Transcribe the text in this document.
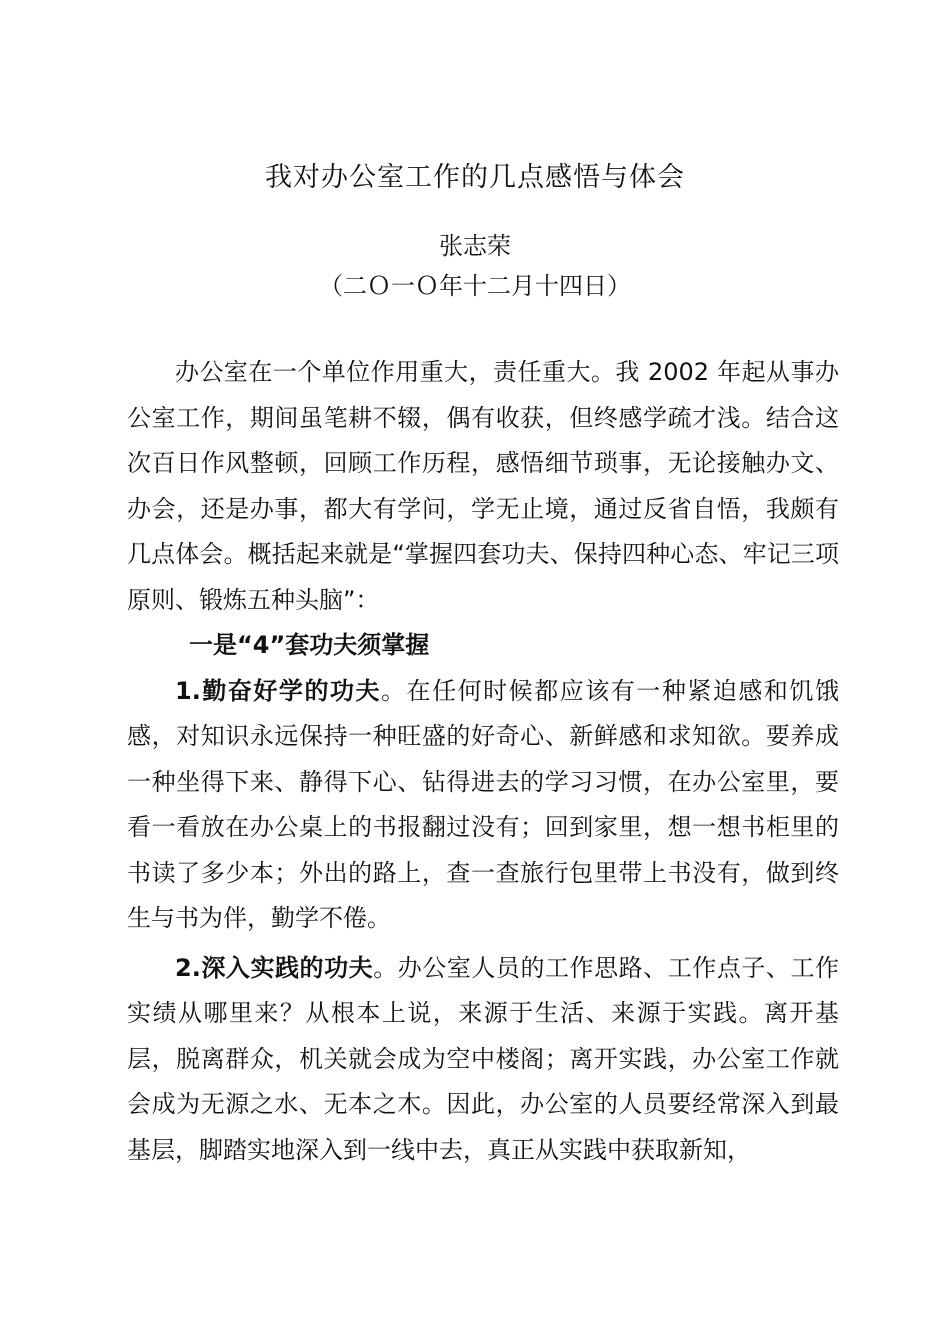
我对办公室工作的几点感悟与体会
张志荣
（二Ｏ一Ｏ年十二月十四日）

办公室在一个单位作用重大，责任重大。我 2002 年起从事办公室工作，期间虽笔耕不辍，偶有收获，但终感学疏才浅。结合这次百日作风整顿，回顾工作历程，感悟细节琐事，无论接触办文、办会，还是办事，都大有学问，学无止境，通过反省自悟，我颇有几点体会。概括起来就是“掌握四套功夫、保持四种心态、牢记三项原则、锻炼五种头脑”：

一是“4”套功夫须掌握

1.勤奋好学的功夫。在任何时候都应该有一种紧迫感和饥饿感，对知识永远保持一种旺盛的好奇心、新鲜感和求知欲。要养成一种坐得下来、静得下心、钻得进去的学习习惯，在办公室里，要看一看放在办公桌上的书报翻过没有；回到家里，想一想书柜里的书读了多少本；外出的路上，查一查旅行包里带上书没有，做到终生与书为伴，勤学不倦。

2.深入实践的功夫。办公室人员的工作思路、工作点子、工作实绩从哪里来？从根本上说，来源于生活、来源于实践。离开基层，脱离群众，机关就会成为空中楼阁；离开实践，办公室工作就会成为无源之水、无本之木。因此，办公室的人员要经常深入到最基层，脚踏实地深入到一线中去，真正从实践中获取新知，
